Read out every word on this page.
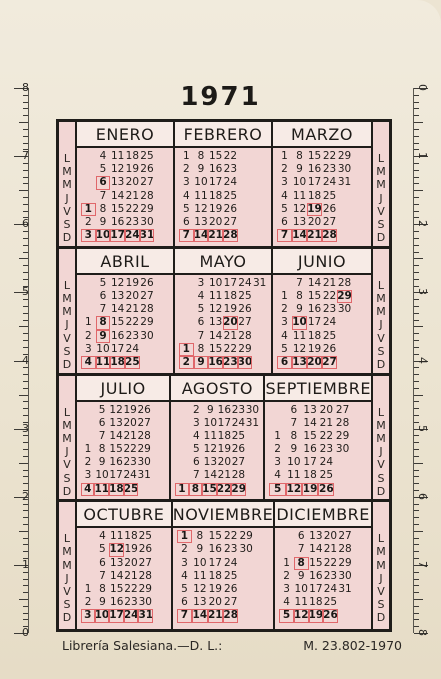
1971
8
7
6
5
4
3
2
1
0
0
1
2
3
4
5
6
7
8
L
M
M
J
V
S
D
ENERO
4 11 18 25
5 12 19 26
6 13 20 27
7 14 21 28
1 8 15 22 29
2 9 16 23 30
3 10 17 24 31
FEBRERO
1 8 15 22
2 9 16 23
3 10 17 24
4 11 18 25
5 12 19 26
6 13 20 27
7 14 21 28
MARZO
1 8 15 22 29
2 9 16 23 30
3 10 17 24 31
4 11 18 25
5 12 19 26
6 13 20 27
7 14 21 28
L
M
M
J
V
S
D
L
M
M
J
V
S
D
ABRIL
5 12 19 26
6 13 20 27
7 14 21 28
1 8 15 22 29
2 9 16 23 30
3 10 17 24
4 11 18 25
MAYO
3 10 17 24 31
4 11 18 25
5 12 19 26
6 13 20 27
7 14 21 28
1 8 15 22 29
2 9 16 23 30
JUNIO
7 14 21 28
1 8 15 22 29
2 9 16 23 30
3 10 17 24
4 11 18 25
5 12 19 26
6 13 20 27
L
M
M
J
V
S
D
L
M
M
J
V
S
D
JULIO
5 12 19 26
6 13 20 27
7 14 21 28
1 8 15 22 29
2 9 16 23 30
3 10 17 24 31
4 11 18 25
AGOSTO
2 9 16 23 30
3 10 17 24 31
4 11 18 25
5 12 19 26
6 13 20 27
7 14 21 28
1 8 15 22 29
SEPTIEMBRE
6 13 20 27
7 14 21 28
1 8 15 22 29
2 9 16 23 30
3 10 17 24
4 11 18 25
5 12 19 26
L
M
M
J
V
S
D
L
M
M
J
V
S
D
OCTUBRE
4 11 18 25
5 12 19 26
6 13 20 27
7 14 21 28
1 8 15 22 29
2 9 16 23 30
3 10 17 24 31
NOVIEMBRE
1 8 15 22 29
2 9 16 23 30
3 10 17 24
4 11 18 25
5 12 19 26
6 13 20 27
7 14 21 28
DICIEMBRE
6 13 20 27
7 14 21 28
1 8 15 22 29
2 9 16 23 30
3 10 17 24 31
4 11 18 25
5 12 19 26
L
M
M
J
V
S
D
Librería Salesiana.—D. L.:	M. 23.802-1970
